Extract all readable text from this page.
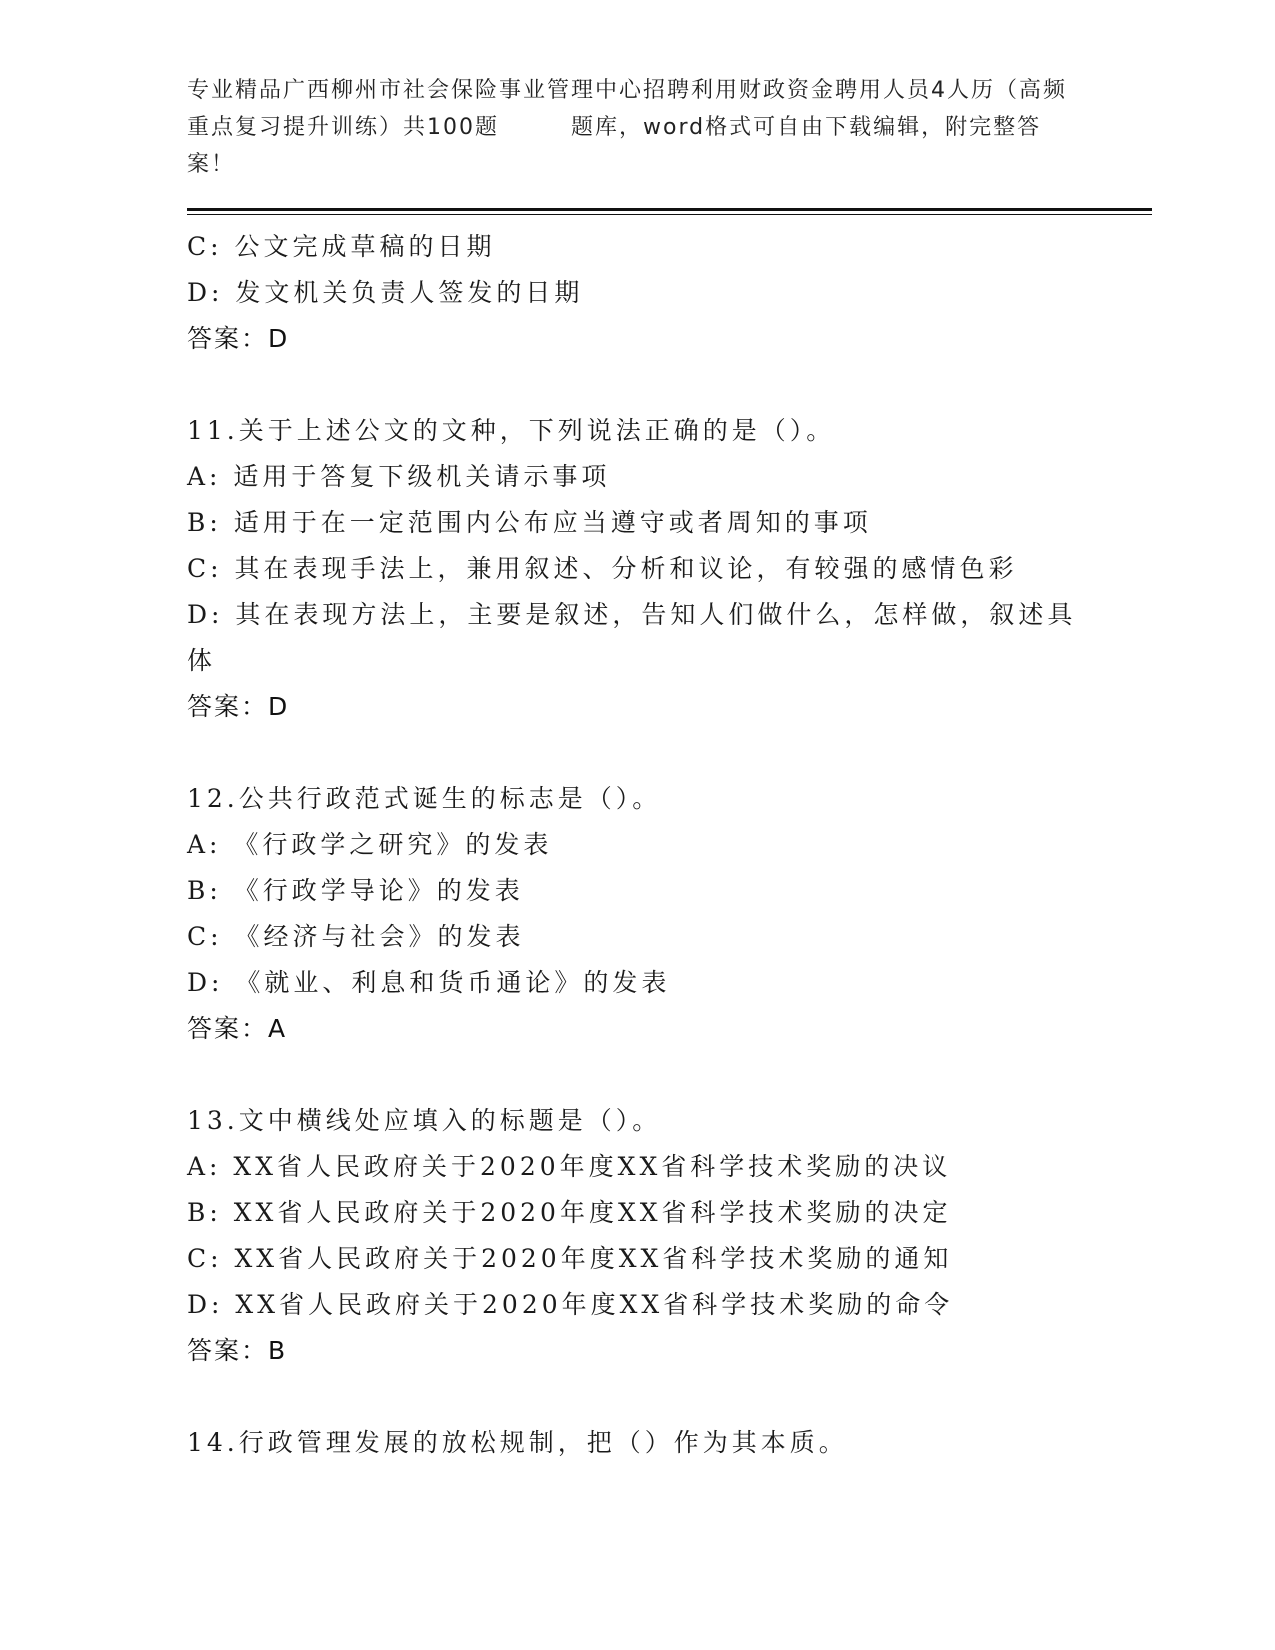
专业精品广西柳州市社会保险事业管理中心招聘利用财政资金聘用人员4人历（高频重点复习提升训练）共100题	题库，word格式可自由下载编辑，附完整答案！
C: 公文完成草稿的日期
D: 发文机关负责人签发的日期
答案：D
11.关于上述公文的文种，下列说法正确的是（）。
A: 适用于答复下级机关请示事项
B: 适用于在一定范围内公布应当遵守或者周知的事项
C: 其在表现手法上，兼用叙述、分析和议论，有较强的感情色彩
D: 其在表现方法上，主要是叙述，告知人们做什么，怎样做，叙述具体
答案：D
12.公共行政范式诞生的标志是（）。
A: 《行政学之研究》的发表
B: 《行政学导论》的发表
C: 《经济与社会》的发表
D: 《就业、利息和货币通论》的发表
答案：A
13.文中横线处应填入的标题是（）。
A: XX省人民政府关于2020年度XX省科学技术奖励的决议
B: XX省人民政府关于2020年度XX省科学技术奖励的决定
C: XX省人民政府关于2020年度XX省科学技术奖励的通知
D: XX省人民政府关于2020年度XX省科学技术奖励的命令
答案：B
14.行政管理发展的放松规制，把（）作为其本质。
